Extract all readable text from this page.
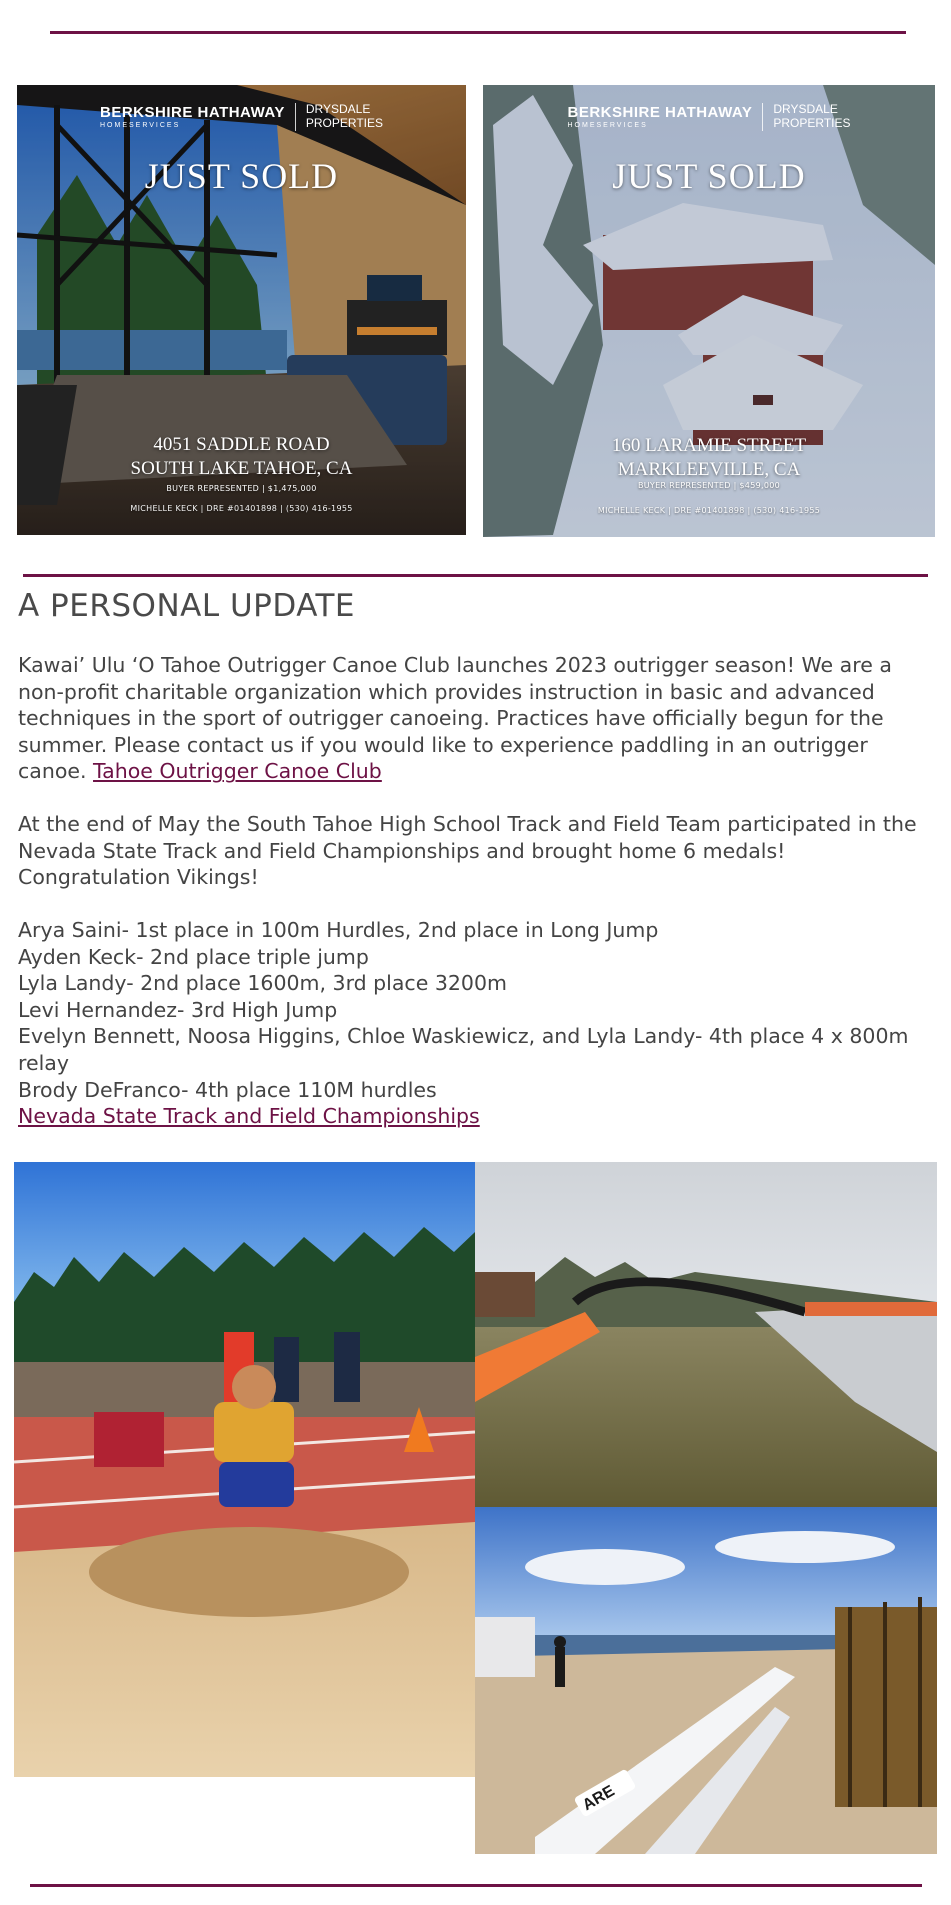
BERKSHIRE HATHAWAY
HOMESERVICES
DRYSDALE
PROPERTIES
JUST SOLD
4051 SADDLE ROAD
SOUTH LAKE TAHOE, CA
BUYER REPRESENTED | $1,475,000
MICHELLE KECK | DRE #01401898 | (530) 416-1955
BERKSHIRE HATHAWAY
HOMESERVICES
DRYSDALE
PROPERTIES
JUST SOLD
160 LARAMIE STREET
MARKLEEVILLE, CA
BUYER REPRESENTED | $459,000
MICHELLE KECK | DRE #01401898 | (530) 416-1955
A PERSONAL UPDATE

Kawai’ Ulu ‘O Tahoe Outrigger Canoe Club launches 2023 outrigger season! We are a non-profit charitable organization which provides instruction in basic and advanced techniques in the sport of outrigger canoeing. Practices have officially begun for the summer. Please contact us if you would like to experience paddling in an outrigger canoe. Tahoe Outrigger Canoe Club

At the end of May the South Tahoe High School Track and Field Team participated in the Nevada State Track and Field Championships and brought home 6 medals! Congratulation Vikings!

Arya Saini- 1st place in 100m Hurdles, 2nd place in Long Jump
Ayden Keck- 2nd place triple jump
Lyla Landy- 2nd place 1600m, 3rd place 3200m
Levi Hernandez- 3rd High Jump
Evelyn Bennett, Noosa Higgins, Chloe Waskiewicz, and Lyla Landy- 4th place 4 x 800m relay
Brody DeFranco- 4th place 110M hurdles
Nevada State Track and Field Championships
ARE
